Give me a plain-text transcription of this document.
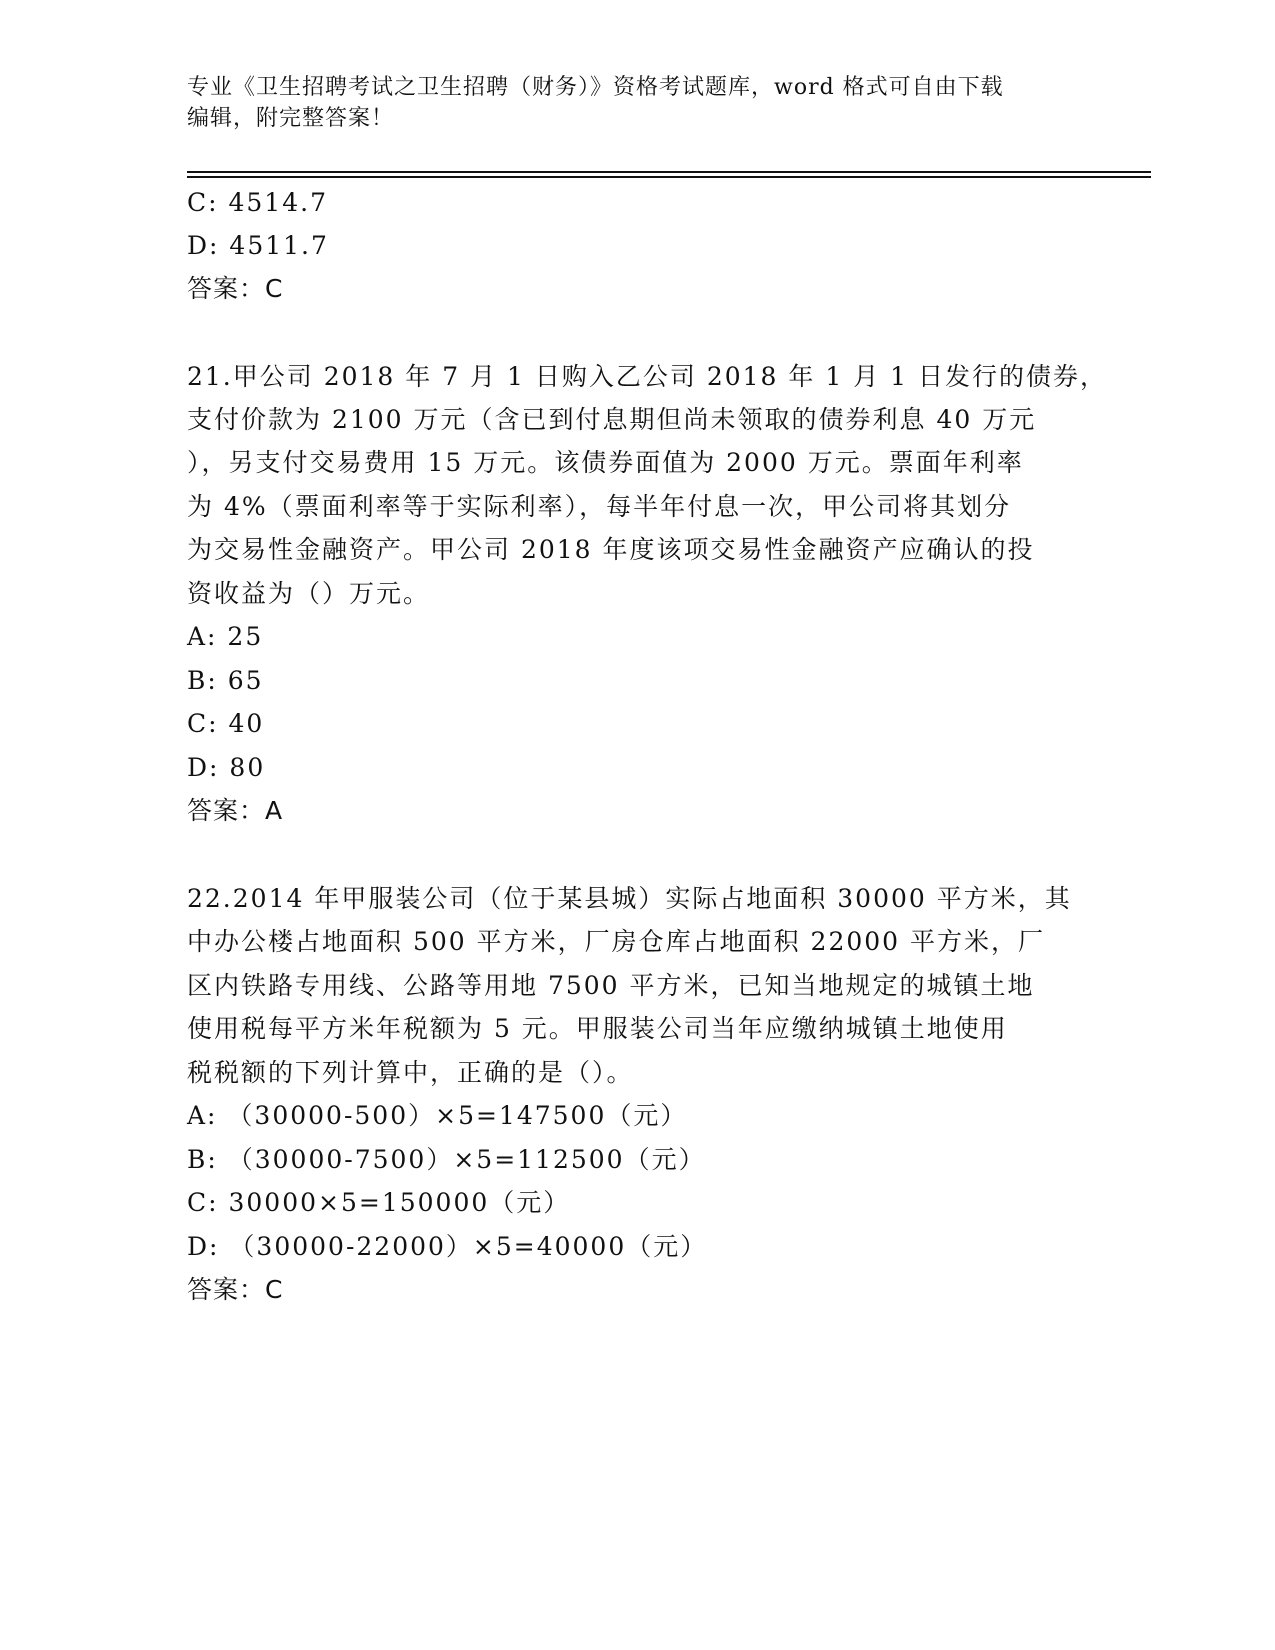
专业《卫生招聘考试之卫生招聘（财务）》资格考试题库，word 格式可自由下载
编辑，附完整答案！
C: 4514.7
D: 4511.7
答案：C
21.甲公司 2018 年 7 月 1 日购入乙公司 2018 年 1 月 1 日发行的债券，
支付价款为 2100 万元（含已到付息期但尚未领取的债券利息 40 万元
），另支付交易费用 15 万元。该债券面值为 2000 万元。票面年利率
为 4%（票面利率等于实际利率），每半年付息一次，甲公司将其划分
为交易性金融资产。甲公司 2018 年度该项交易性金融资产应确认的投
资收益为（）万元。
A: 25
B: 65
C: 40
D: 80
答案：A
22.2014 年甲服装公司（位于某县城）实际占地面积 30000 平方米，其
中办公楼占地面积 500 平方米，厂房仓库占地面积 22000 平方米，厂
区内铁路专用线、公路等用地 7500 平方米，已知当地规定的城镇土地
使用税每平方米年税额为 5 元。甲服装公司当年应缴纳城镇土地使用
税税额的下列计算中，正确的是（）。
A: （30000-500）×5=147500（元）
B: （30000-7500）×5=112500（元）
C: 30000×5=150000（元）
D: （30000-22000）×5=40000（元）
答案：C
